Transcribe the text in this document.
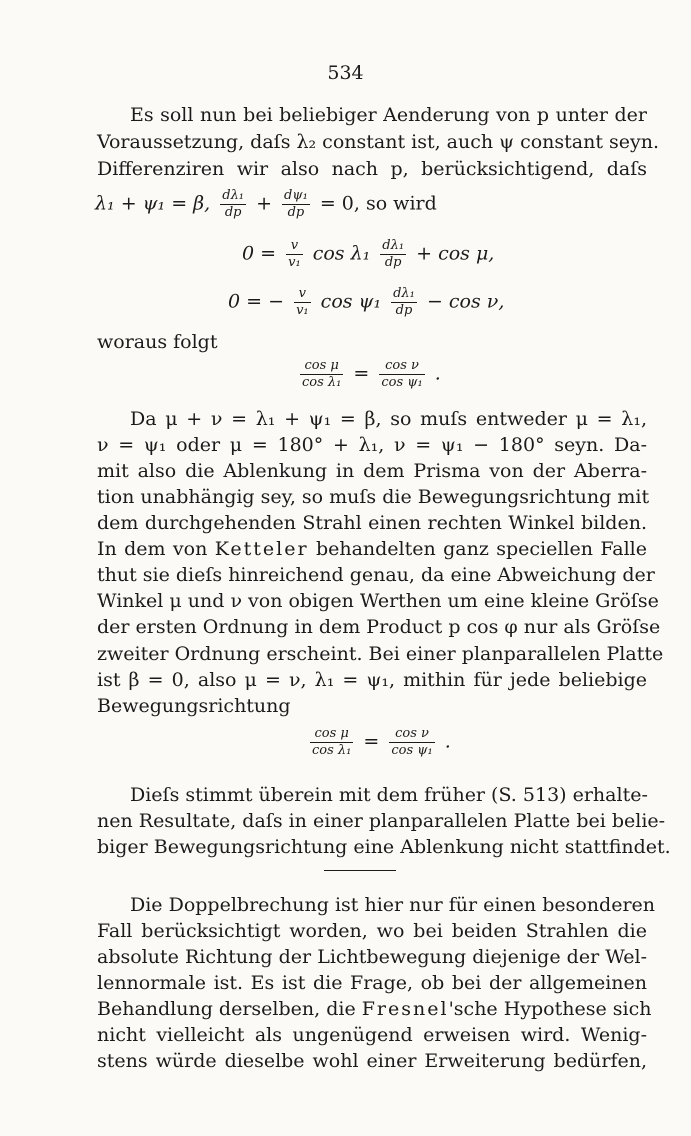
534
Es soll nun bei beliebiger Aenderung von p unter der
Voraussetzung, daſs λ₂ constant ist, auch ψ constant seyn.
Differenziren wir also nach p, berücksichtigend, daſs
λ₁ + ψ₁ = β, $\frac{\text{dλ₁}}{dp} + \frac{\text{dψ₁}}{dp} = 0$, so wird
$0 = \frac{v}{\text{v₁}}$ $\cos \lambda_1 \frac{\text{dλ₁}}{dp} + \cos \mu$,
0 = − $\frac{v}{\text{v₁}}$ $\cos \psi_1 \frac{\text{dλ₁}}{dp} - \cos \nu$,
woraus folgt
$\frac{\text{cos μ}}{\text{cos λ₁}} = \frac{\text{cos ν}}{\text{cos ψ₁}}$ .
Da μ + ν = λ₁ + ψ₁ = β, so muſs entweder μ = λ₁,
ν = ψ₁ oder μ = 180° + λ₁, ν = ψ₁ − 180° seyn. Da-
mit also die Ablenkung in dem Prisma von der Aberra-
tion unabhängig sey, so muſs die Bewegungsrichtung mit
dem durchgehenden Strahl einen rechten Winkel bilden.
In dem von Ketteler behandelten ganz speciellen Falle
thut sie dieſs hinreichend genau, da eine Abweichung der
Winkel μ und ν von obigen Werthen um eine kleine Gröſse
der ersten Ordnung in dem Product p cos φ nur als Gröſse
zweiter Ordnung erscheint. Bei einer planparallelen Platte
ist β = 0, also μ = ν, λ₁ = ψ₁, mithin für jede beliebige
Bewegungsrichtung
$\frac{\text{cos μ}}{\text{cos λ₁}} = \frac{\text{cos ν}}{\text{cos ψ₁}}$ .
Dieſs stimmt überein mit dem früher (S. 513) erhalte-
nen Resultate, daſs in einer planparallelen Platte bei belie-
biger Bewegungsrichtung eine Ablenkung nicht stattfindet.
Die Doppelbrechung ist hier nur für einen besonderen
Fall berücksichtigt worden, wo bei beiden Strahlen die
absolute Richtung der Lichtbewegung diejenige der Wel-
lennormale ist. Es ist die Frage, ob bei der allgemeinen
Behandlung derselben, die Fresnel'sche Hypothese sich
nicht vielleicht als ungenügend erweisen wird. Wenig-
stens würde dieselbe wohl einer Erweiterung bedürfen,
